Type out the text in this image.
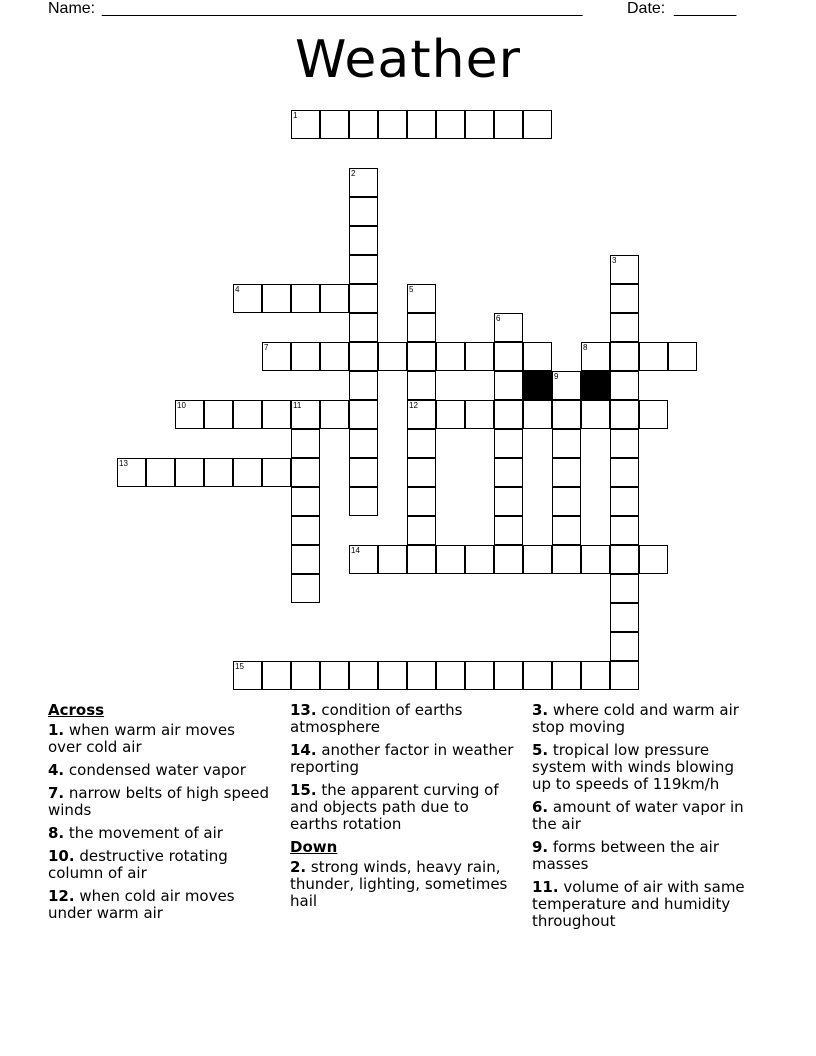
Name: ______________________________________________________	Date: _______
Weather
1
2
3
4	5
12
6
7	8
9
10	11
13
14
15
Across
1. when warm air moves over cold air
4. condensed water vapor
7. narrow belts of high speed winds
8. the movement of air
10. destructive rotating column of air
12. when cold air moves under warm air
13. condition of earths atmosphere
14. another factor in weather reporting
15. the apparent curving of and objects path due to earths rotation
Down
2. strong winds, heavy rain, thunder, lighting, sometimes hail
3. where cold and warm air stop moving
5. tropical low pressure system with winds blowing up to speeds of 119km/h
6. amount of water vapor in the air
9. forms between the air masses
11. volume of air with same temperature and humidity throughout
